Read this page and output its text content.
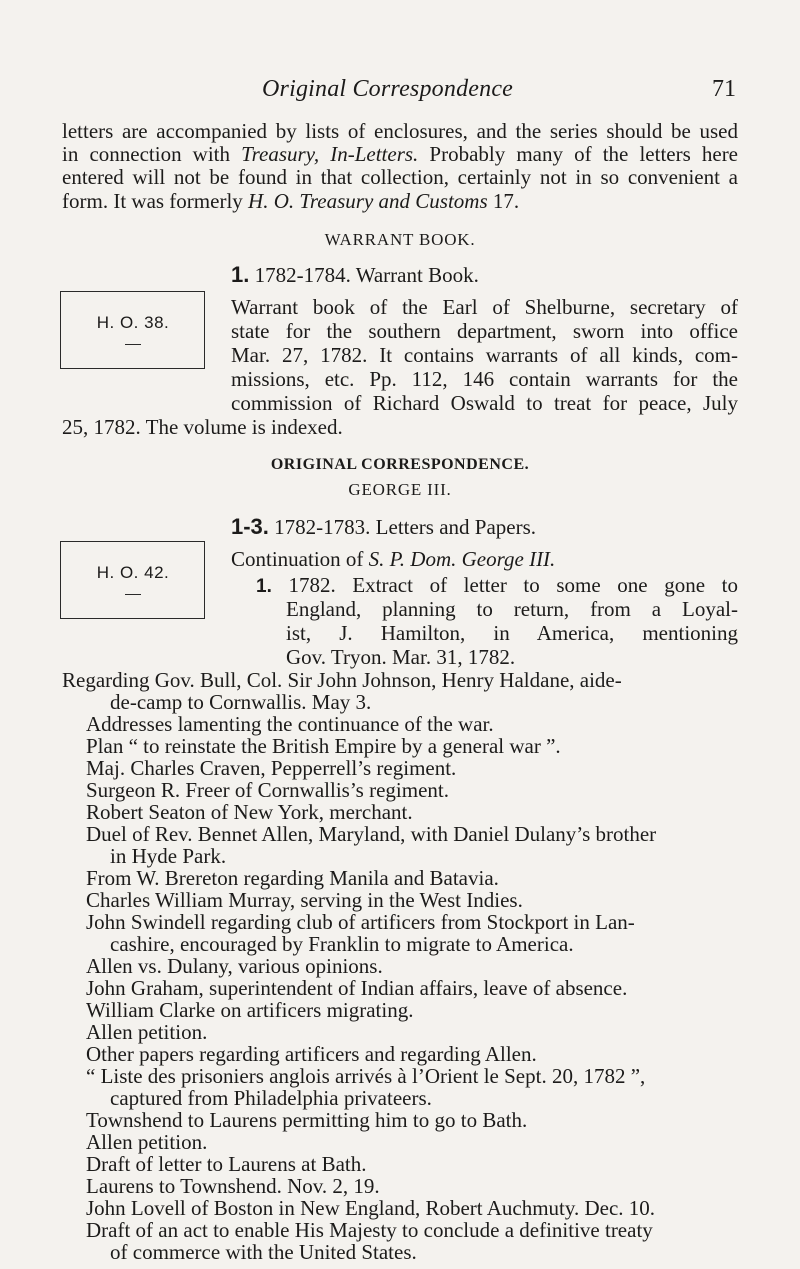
Original Correspondence	71

letters are accompanied by lists of enclosures, and the series should be used

in connection with Treasury, In-Letters. Probably many of the letters here

entered will not be found in that collection, certainly not in so convenient a

form. It was formerly H. O. Treasury and Customs 17.

WARRANT BOOK.

1. 1782-1784. Warrant Book.

H. O. 38.

Warrant book of the Earl of Shelburne, secretary of

state for the southern department, sworn into office

Mar. 27, 1782. It contains warrants of all kinds, com-

missions, etc. Pp. 112, 146 contain warrants for the

commission of Richard Oswald to treat for peace, July

25, 1782. The volume is indexed.

ORIGINAL CORRESPONDENCE.

GEORGE III.

1-3. 1782-1783. Letters and Papers.

Continuation of S. P. Dom. George III.

H. O. 42.

1. 1782. Extract of letter to some one gone to

England, planning to return, from a Loyal-

ist, J. Hamilton, in America, mentioning

Gov. Tryon. Mar. 31, 1782.

Regarding Gov. Bull, Col. Sir John Johnson, Henry Haldane, aide-

de-camp to Cornwallis. May 3.

Addresses lamenting the continuance of the war.

Plan “ to reinstate the British Empire by a general war ”.

Maj. Charles Craven, Pepperrell’s regiment.

Surgeon R. Freer of Cornwallis’s regiment.

Robert Seaton of New York, merchant.

Duel of Rev. Bennet Allen, Maryland, with Daniel Dulany’s brother

in Hyde Park.

From W. Brereton regarding Manila and Batavia.

Charles William Murray, serving in the West Indies.

John Swindell regarding club of artificers from Stockport in Lan-

cashire, encouraged by Franklin to migrate to America.

Allen vs. Dulany, various opinions.

John Graham, superintendent of Indian affairs, leave of absence.

William Clarke on artificers migrating.

Allen petition.

Other papers regarding artificers and regarding Allen.

“ Liste des prisoniers anglois arrivés à l’Orient le Sept. 20, 1782 ”,

captured from Philadelphia privateers.

Townshend to Laurens permitting him to go to Bath.

Allen petition.

Draft of letter to Laurens at Bath.

Laurens to Townshend. Nov. 2, 19.

John Lovell of Boston in New England, Robert Auchmuty. Dec. 10.

Draft of an act to enable His Majesty to conclude a definitive treaty

of commerce with the United States.
